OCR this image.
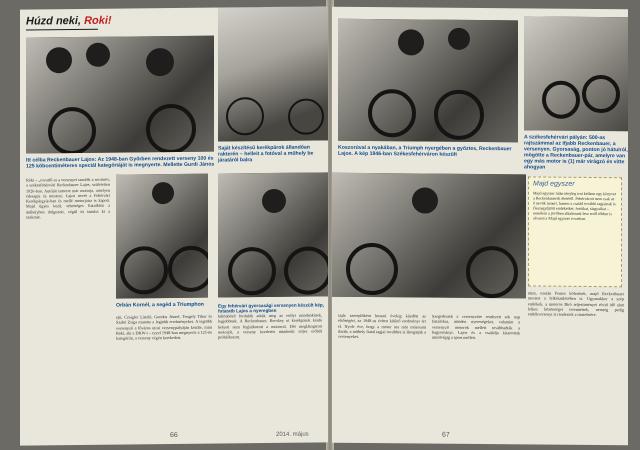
Húzd neki, Roki!
Itt célba Reckenbauer Lajos: Az 1948-ban Győrben rendezett verseny 100 és 125 köbcentiméteres speciál kategóriáját is megnyerte. Mellette Gurdi János
Saját készítésű kerékpárok állandóan rakterén – helleit a fotóval a műhely be járatáról balra

Róki – „rovatfő-ra a versenyei tanulék a rovatnév, a székesfehérvári Reckenbauer Lajos, születetten 1926-ban. Autóját ismerte már motorja, amelyen édesapja és mestere, Lajos nevét a Fehérvári Kerékpárgyár-ban és mellé motorjaira is kapott. Majd ügyes kezű, tehetséges fiatalként a műhelyben dolgozott, végül itt tanulta ki a szakmát.

Orbán Kornél, a segéd a Triumphon

ejti, Czeigler László, Gondos József, Tengely Tibor és Szabó Zsiga mutatta a legjobb eredményeket. A legtöbb versenyző a főváros utcai versenypályáján kezdte, mint Róki, aki a DKW-t – ezzel 1948-ban megnyerte a 125-ös kategóriát, a verseny végén kerekedett.

különböző fordulók adták meg az esélyt mindenkinek, legjobbnak. A Reckenbauer, Becskey ot kerékpárok kiadó helyett nem foglalkozott a motorral. Hét meglátogatott motorját, a verseny kezdetén mindenki teljes erőből próbálkozott.

Egy fehérvári gyorsasági versenyen készült kép, futatatb Lajos a nyeregben
66	2014. május
Koszorúval a nyakában, a Triumph nyergében a győztes, Reckenbauer Lajos. A kép 1946-ban Székesfehérváron készült
A székesfehérvári pályán: 500-as rajtszámmal az ifjabb Reckenbauer, a versenyen. Gyorsaság, ponton jó hátulról, mögötte a Reckenbauer-pár, amelyre van egy más motor is (1) már virágzó és vitte ahogyan
Majd egyszer
Majd egyszer talán tényleg írni kellene egy könyvet a Reckenbauerek életéről. Fehérvárott nem csak az ő nevük ismert, hanem a család további tagjainak is. Összegyűjtött emlékeiket, fotóikat, tárgyaikat – remélem a jövőben alkalmunk lesz erről többet is olvasni a Majd egyszer rovatban.

saját szereplőként hosszú évekig küzdött az elsőségért, az 1948-as évben kitűnő eredményt ért el. Nyolc éve, hogy a motor ma már múzeumi darab; a műhely fiatal tagjai továbbra is látogatják a versenyeket.

Szegedeztek a versenyzőre rendezett sok nap fiatalokra, minden nyereségeket, valamint a versenyző motorok mellett továbbadták a hagyományt. Lajos és a családja kitartottak mindvégig a sport mellett.

mint, ezután Fenies kölcsönét, majd Reckenbauer mestert a felkészülésében is. Ugyanakkor a szép emlékek, a motoros Bíró teljesítményei rövid idő alatt lelkes közönséget teremtettek, nemrég pedig emlékversenyt is rendeztek a tiszteletére.

67
